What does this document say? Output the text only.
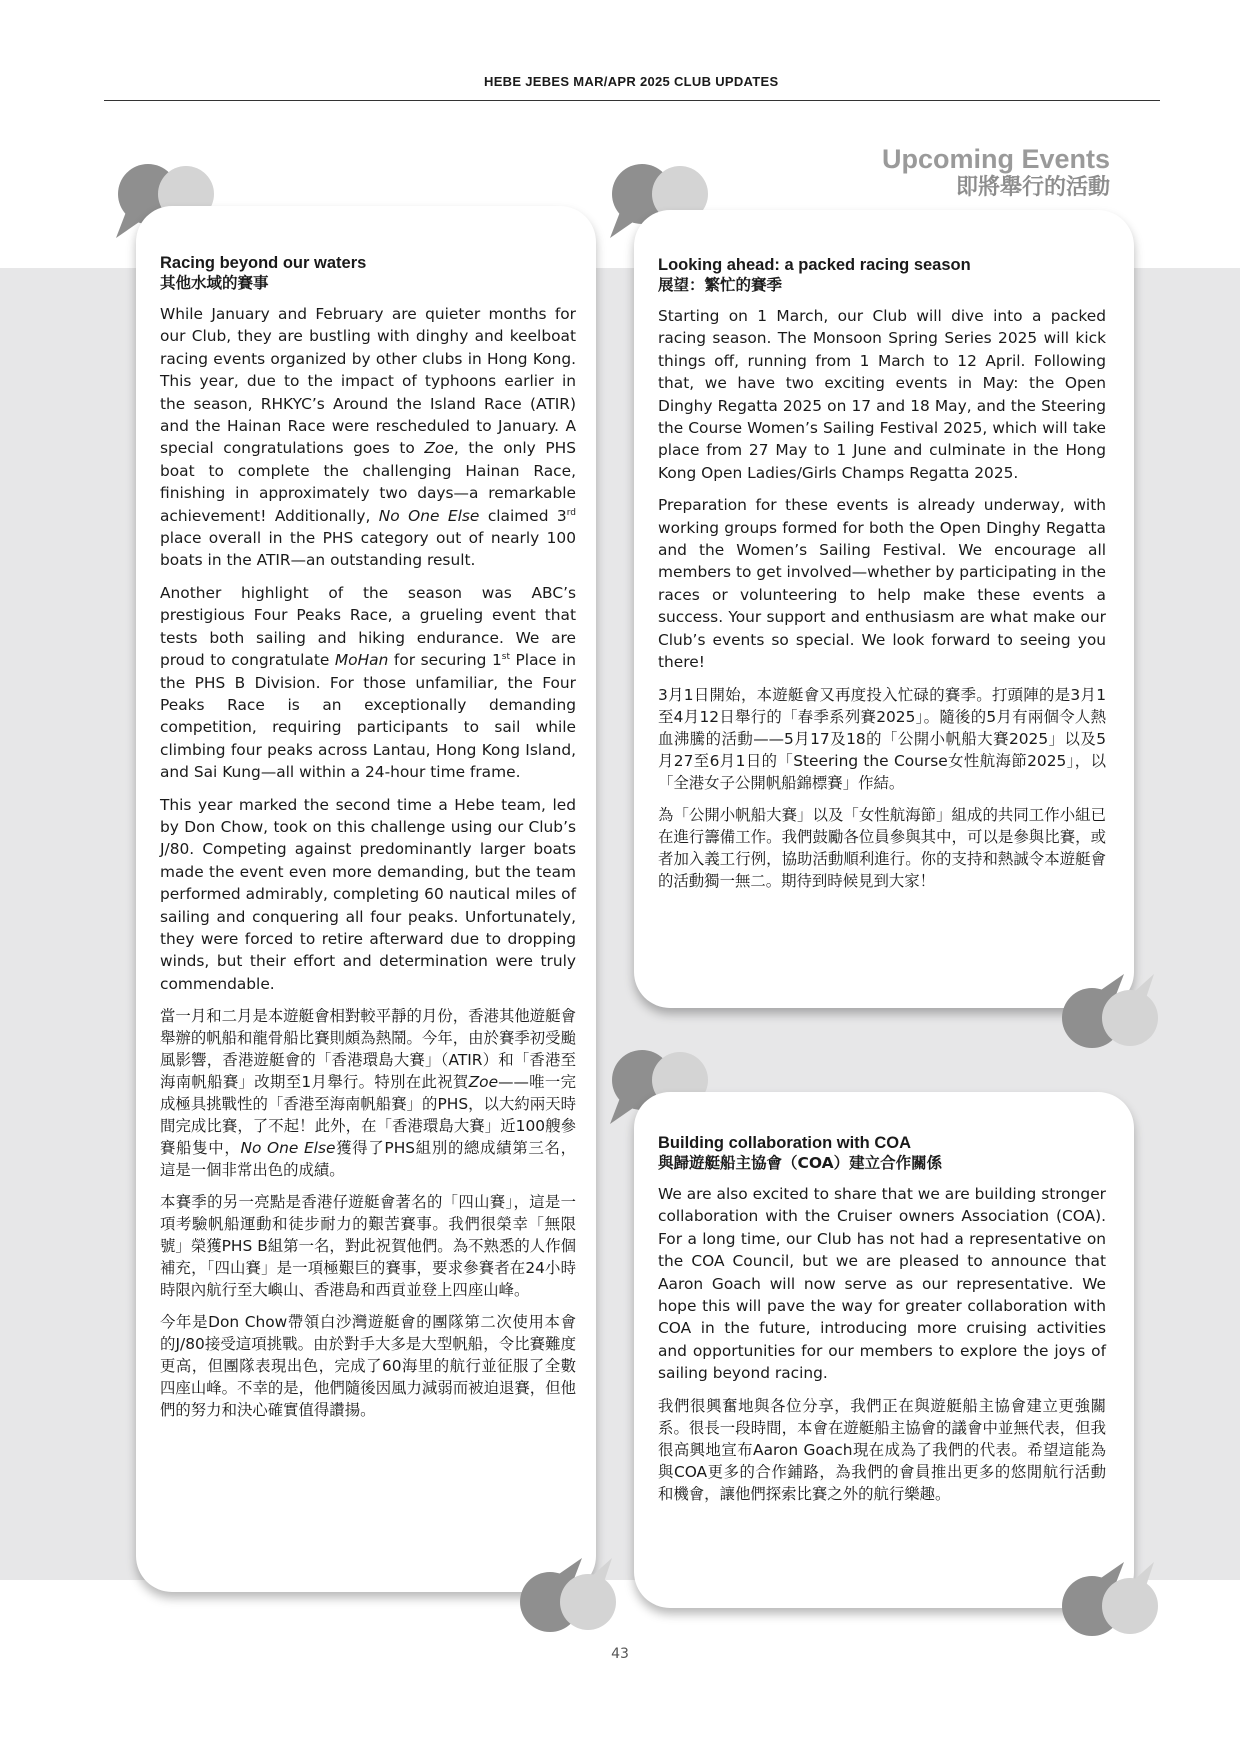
HEBE JEBES MAR/APR 2025 CLUB UPDATES
Upcoming Events
即將舉行的活動

Racing beyond our waters

其他水域的賽事

While January and February are quieter months for our Club, they are bustling with dinghy and keelboat racing events organized by other clubs in Hong Kong. This year, due to the impact of typhoons earlier in the season, RHKYC’s Around the Island Race (ATIR) and the Hainan Race were rescheduled to January. A special congratulations goes to Zoe, the only PHS boat to complete the challenging Hainan Race, finishing in approximately two days—a remarkable achievement! Additionally, No One Else claimed 3rd place overall in the PHS category out of nearly 100 boats in the ATIR—an outstanding result.

Another highlight of the season was ABC’s prestigious Four Peaks Race, a grueling event that tests both sailing and hiking endurance. We are proud to congratulate MoHan for securing 1st Place in the PHS B Division. For those unfamiliar, the Four Peaks Race is an exceptionally demanding competition, requiring participants to sail while climbing four peaks across Lantau, Hong Kong Island, and Sai Kung—all within a 24-hour time frame.

This year marked the second time a Hebe team, led by Don Chow, took on this challenge using our Club’s J/80. Competing against predominantly larger boats made the event even more demanding, but the team performed admirably, completing 60 nautical miles of sailing and conquering all four peaks. Unfortunately, they were forced to retire afterward due to dropping winds, but their effort and determination were truly commendable.

當一月和二月是本遊艇會相對較平靜的月份，香港其他遊艇會舉辦的帆船和龍骨船比賽則頗為熱鬧。今年，由於賽季初受颱風影響，香港遊艇會的「香港環島大賽」（ATIR）和「香港至海南帆船賽」改期至1月舉行。特別在此祝賀Zoe——唯一完成極具挑戰性的「香港至海南帆船賽」的PHS，以大約兩天時間完成比賽，了不起！此外，在「香港環島大賽」近100艘參賽船隻中，No One Else獲得了PHS組別的總成績第三名，這是一個非常出色的成績。

本賽季的另一亮點是香港仔遊艇會著名的「四山賽」，這是一項考驗帆船運動和徒步耐力的艱苦賽事。我們很榮幸「無限號」榮獲PHS B組第一名，對此祝賀他們。為不熟悉的人作個補充，「四山賽」是一項極艱巨的賽事，要求參賽者在24小時時限內航行至大嶼山、香港島和西貢並登上四座山峰。

今年是Don Chow帶領白沙灣遊艇會的團隊第二次使用本會的J/80接受這項挑戰。由於對手大多是大型帆船，令比賽難度更高，但團隊表現出色，完成了60海里的航行並征服了全數四座山峰。不幸的是，他們隨後因風力減弱而被迫退賽，但他們的努力和決心確實值得讚揚。

Looking ahead: a packed racing season

展望：繁忙的賽季

Starting on 1 March, our Club will dive into a packed racing season. The Monsoon Spring Series 2025 will kick things off, running from 1 March to 12 April. Following that, we have two exciting events in May: the Open Dinghy Regatta 2025 on 17 and 18 May, and the Steering the Course Women’s Sailing Festival 2025, which will take place from 27 May to 1 June and culminate in the Hong Kong Open Ladies/Girls Champs Regatta 2025.

Preparation for these events is already underway, with working groups formed for both the Open Dinghy Regatta and the Women’s Sailing Festival. We encourage all members to get involved—whether by participating in the races or volunteering to help make these events a success. Your support and enthusiasm are what make our Club’s events so special. We look forward to seeing you there!

3月1日開始，本遊艇會又再度投入忙碌的賽季。打頭陣的是3月1至4月12日舉行的「春季系列賽2025」。隨後的5月有兩個令人熱血沸騰的活動——5月17及18的「公開小帆船大賽2025」以及5月27至6月1日的「Steering the Course女性航海節2025」，以「全港女子公開帆船錦標賽」作結。

為「公開小帆船大賽」以及「女性航海節」組成的共同工作小組已在進行籌備工作。我們鼓勵各位員參與其中，可以是參與比賽，或者加入義工行例，協助活動順利進行。你的支持和熱誠令本遊艇會的活動獨一無二。期待到時候見到大家！

Building collaboration with COA

與歸遊艇船主協會（COA）建立合作關係

We are also excited to share that we are building stronger collaboration with the Cruiser owners Association (COA). For a long time, our Club has not had a representative on the COA Council, but we are pleased to announce that Aaron Goach will now serve as our representative. We hope this will pave the way for greater collaboration with COA in the future, introducing more cruising activities and opportunities for our members to explore the joys of sailing beyond racing.

我們很興奮地與各位分享，我們正在與遊艇船主協會建立更強關系。很長一段時間，本會在遊艇船主協會的議會中並無代表，但我很高興地宣布Aaron Goach現在成為了我們的代表。希望這能為與COA更多的合作鋪路，為我們的會員推出更多的悠閒航行活動和機會，讓他們探索比賽之外的航行樂趣。

43
